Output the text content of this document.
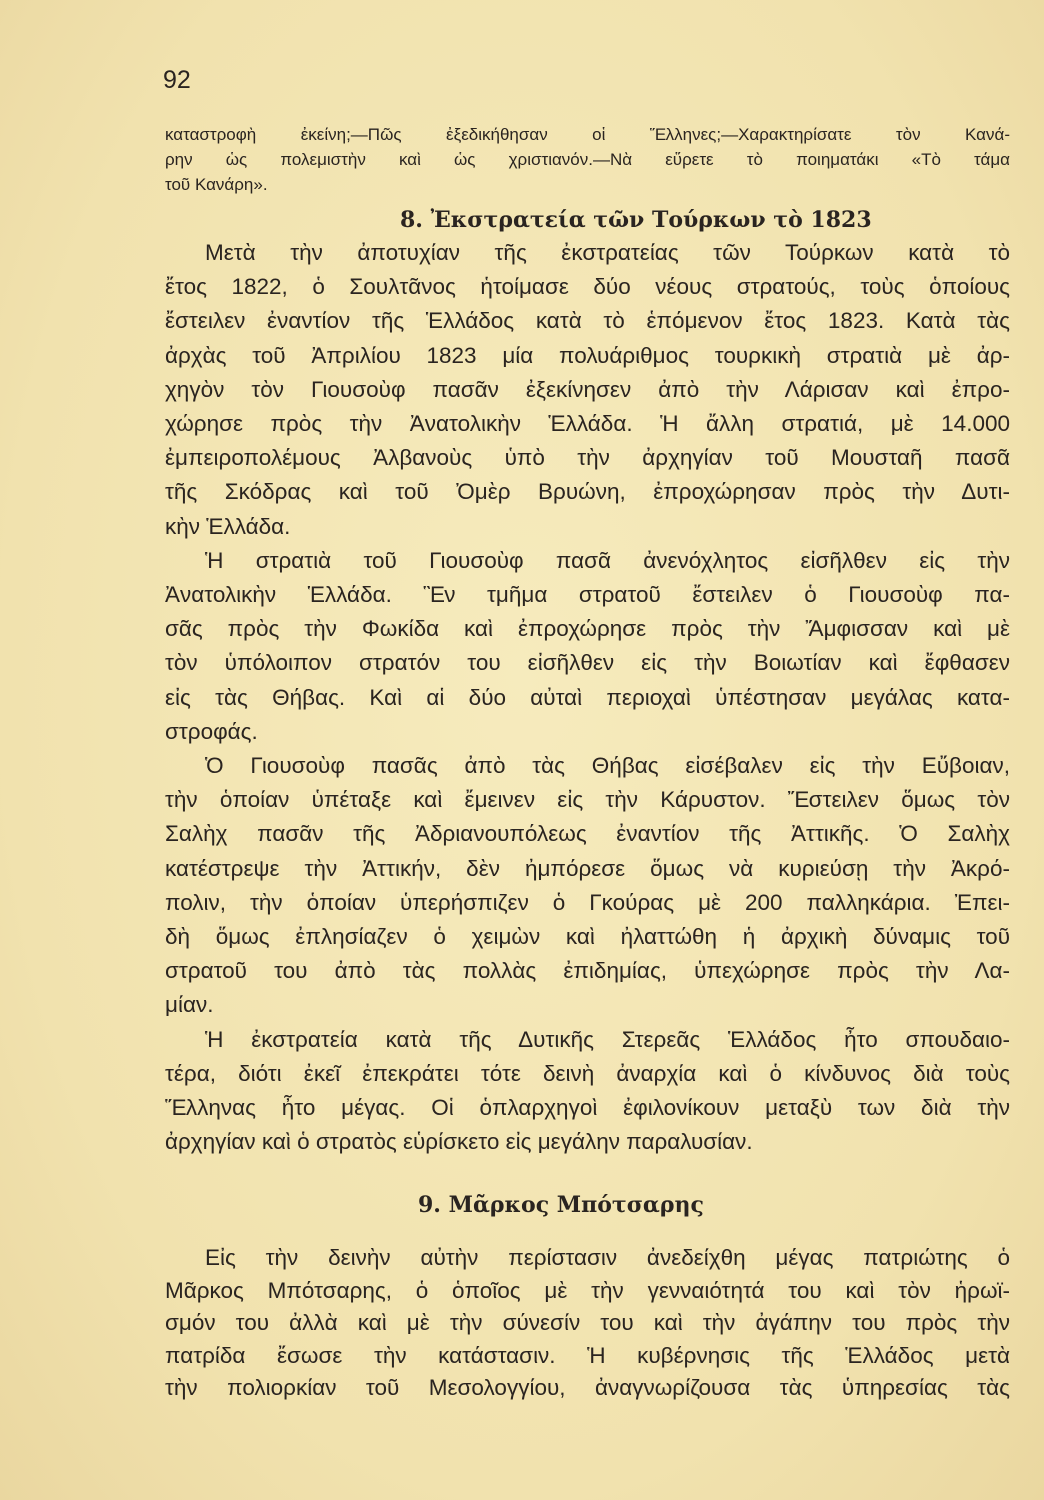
92
καταστροφὴ ἐκείνη;—Πῶς ἐξεδικήθησαν οἱ Ἕλληνες;—Χαρακτηρίσατε τὸν Κανά-
ρην ὡς πολεμιστὴν καὶ ὡς χριστιανόν.—Νὰ εὕρετε τὸ ποιηματάκι «Τὸ τάμα
τοῦ Κανάρη».
8. Ἐκστρατεία τῶν Τούρκων τὸ 1823
Μετὰ τὴν ἀποτυχίαν τῆς ἐκστρατείας τῶν Τούρκων κατὰ τὸ
ἔτος 1822, ὁ Σουλτᾶνος ἡτοίμασε δύο νέους στρατούς, τοὺς ὁποίους
ἔστειλεν ἐναντίον τῆς Ἑλλάδος κατὰ τὸ ἑπόμενον ἔτος 1823. Κατὰ τὰς
ἀρχὰς τοῦ Ἀπριλίου 1823 μία πολυάριθμος τουρκικὴ στρατιὰ μὲ ἀρ-
χηγὸν τὸν Γιουσοὺφ πασᾶν ἐξεκίνησεν ἀπὸ τὴν Λάρισαν καὶ ἐπρο-
χώρησε πρὸς τὴν Ἀνατολικὴν Ἑλλάδα. Ἡ ἄλλη στρατιά, μὲ 14.000
ἐμπειροπολέμους Ἀλβανοὺς ὑπὸ τὴν ἀρχηγίαν τοῦ Μουσταῆ πασᾶ
τῆς Σκόδρας καὶ τοῦ Ὀμὲρ Βρυώνη, ἐπροχώρησαν πρὸς τὴν Δυτι-
κὴν Ἑλλάδα.
Ἡ στρατιὰ τοῦ Γιουσοὺφ πασᾶ ἀνενόχλητος εἰσῆλθεν εἰς τὴν
Ἀνατολικὴν Ἑλλάδα. Ἓν τμῆμα στρατοῦ ἔστειλεν ὁ Γιουσοὺφ πα-
σᾶς πρὸς τὴν Φωκίδα καὶ ἐπροχώρησε πρὸς τὴν Ἄμφισσαν καὶ μὲ
τὸν ὑπόλοιπον στρατόν του εἰσῆλθεν εἰς τὴν Βοιωτίαν καὶ ἔφθασεν
εἰς τὰς Θήβας. Καὶ αἱ δύο αὐταὶ περιοχαὶ ὑπέστησαν μεγάλας κατα-
στροφάς.
Ὁ Γιουσοὺφ πασᾶς ἀπὸ τὰς Θήβας εἰσέβαλεν εἰς τὴν Εὔβοιαν,
τὴν ὁποίαν ὑπέταξε καὶ ἔμεινεν εἰς τὴν Κάρυστον. Ἔστειλεν ὅμως τὸν
Σαλὴχ πασᾶν τῆς Ἀδριανουπόλεως ἐναντίον τῆς Ἀττικῆς. Ὁ Σαλὴχ
κατέστρεψε τὴν Ἀττικήν, δὲν ἠμπόρεσε ὅμως νὰ κυριεύσῃ τὴν Ἀκρό-
πολιν, τὴν ὁποίαν ὑπερήσπιζεν ὁ Γκούρας μὲ 200 παλληκάρια. Ἐπει-
δὴ ὅμως ἐπλησίαζεν ὁ χειμὼν καὶ ἠλαττώθη ἡ ἀρχικὴ δύναμις τοῦ
στρατοῦ του ἀπὸ τὰς πολλὰς ἐπιδημίας, ὑπεχώρησε πρὸς τὴν Λα-
μίαν.
Ἡ ἐκστρατεία κατὰ τῆς Δυτικῆς Στερεᾶς Ἑλλάδος ἦτο σπουδαιο-
τέρα, διότι ἐκεῖ ἐπεκράτει τότε δεινὴ ἀναρχία καὶ ὁ κίνδυνος διὰ τοὺς
Ἕλληνας ἦτο μέγας. Οἱ ὁπλαρχηγοὶ ἐφιλονίκουν μεταξὺ των διὰ τὴν
ἀρχηγίαν καὶ ὁ στρατὸς εὑρίσκετο εἰς μεγάλην παραλυσίαν.
9. Μᾶρκος Μπότσαρης
Εἰς τὴν δεινὴν αὐτὴν περίστασιν ἀνεδείχθη μέγας πατριώτης ὁ
Μᾶρκος Μπότσαρης, ὁ ὁποῖος μὲ τὴν γενναιότητά του καὶ τὸν ἡρωϊ-
σμόν του ἀλλὰ καὶ μὲ τὴν σύνεσίν του καὶ τὴν ἀγάπην του πρὸς τὴν
πατρίδα ἔσωσε τὴν κατάστασιν. Ἡ κυβέρνησις τῆς Ἑλλάδος μετὰ
τὴν πολιορκίαν τοῦ Μεσολογγίου, ἀναγνωρίζουσα τὰς ὑπηρεσίας τὰς
